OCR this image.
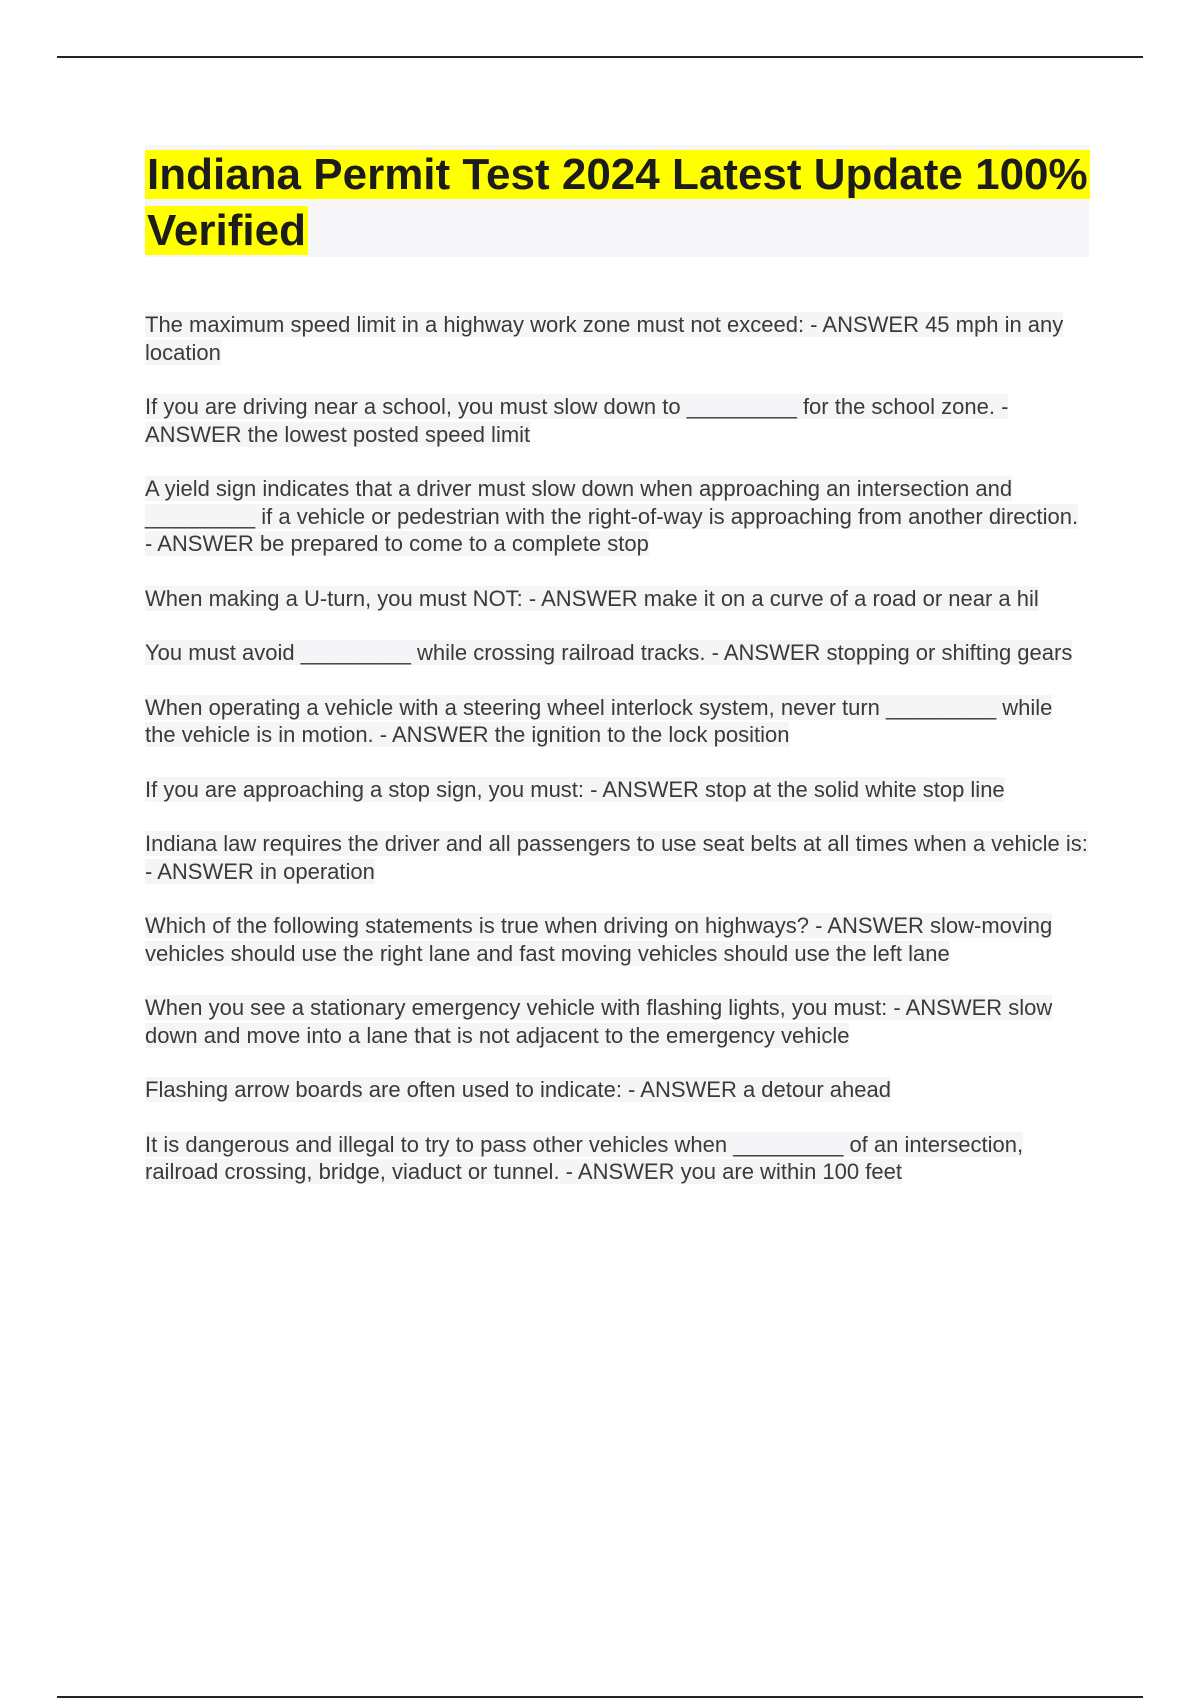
Indiana Permit Test 2024 Latest Update 100% Verified

The maximum speed limit in a highway work zone must not exceed: - ANSWER 45 mph in any location

If you are driving near a school, you must slow down to _________ for the school zone. - ANSWER the lowest posted speed limit

A yield sign indicates that a driver must slow down when approaching an intersection and _________ if a vehicle or pedestrian with the right-of-way is approaching from another direction. - ANSWER be prepared to come to a complete stop

When making a U-turn, you must NOT: - ANSWER make it on a curve of a road or near a hil

You must avoid _________ while crossing railroad tracks. - ANSWER stopping or shifting gears

When operating a vehicle with a steering wheel interlock system, never turn _________ while the vehicle is in motion. - ANSWER the ignition to the lock position

If you are approaching a stop sign, you must: - ANSWER stop at the solid white stop line

Indiana law requires the driver and all passengers to use seat belts at all times when a vehicle is: - ANSWER in operation

Which of the following statements is true when driving on highways? - ANSWER slow-moving vehicles should use the right lane and fast moving vehicles should use the left lane

When you see a stationary emergency vehicle with flashing lights, you must: - ANSWER slow down and move into a lane that is not adjacent to the emergency vehicle

Flashing arrow boards are often used to indicate: - ANSWER a detour ahead

It is dangerous and illegal to try to pass other vehicles when _________ of an intersection, railroad crossing, bridge, viaduct or tunnel. - ANSWER you are within 100 feet
